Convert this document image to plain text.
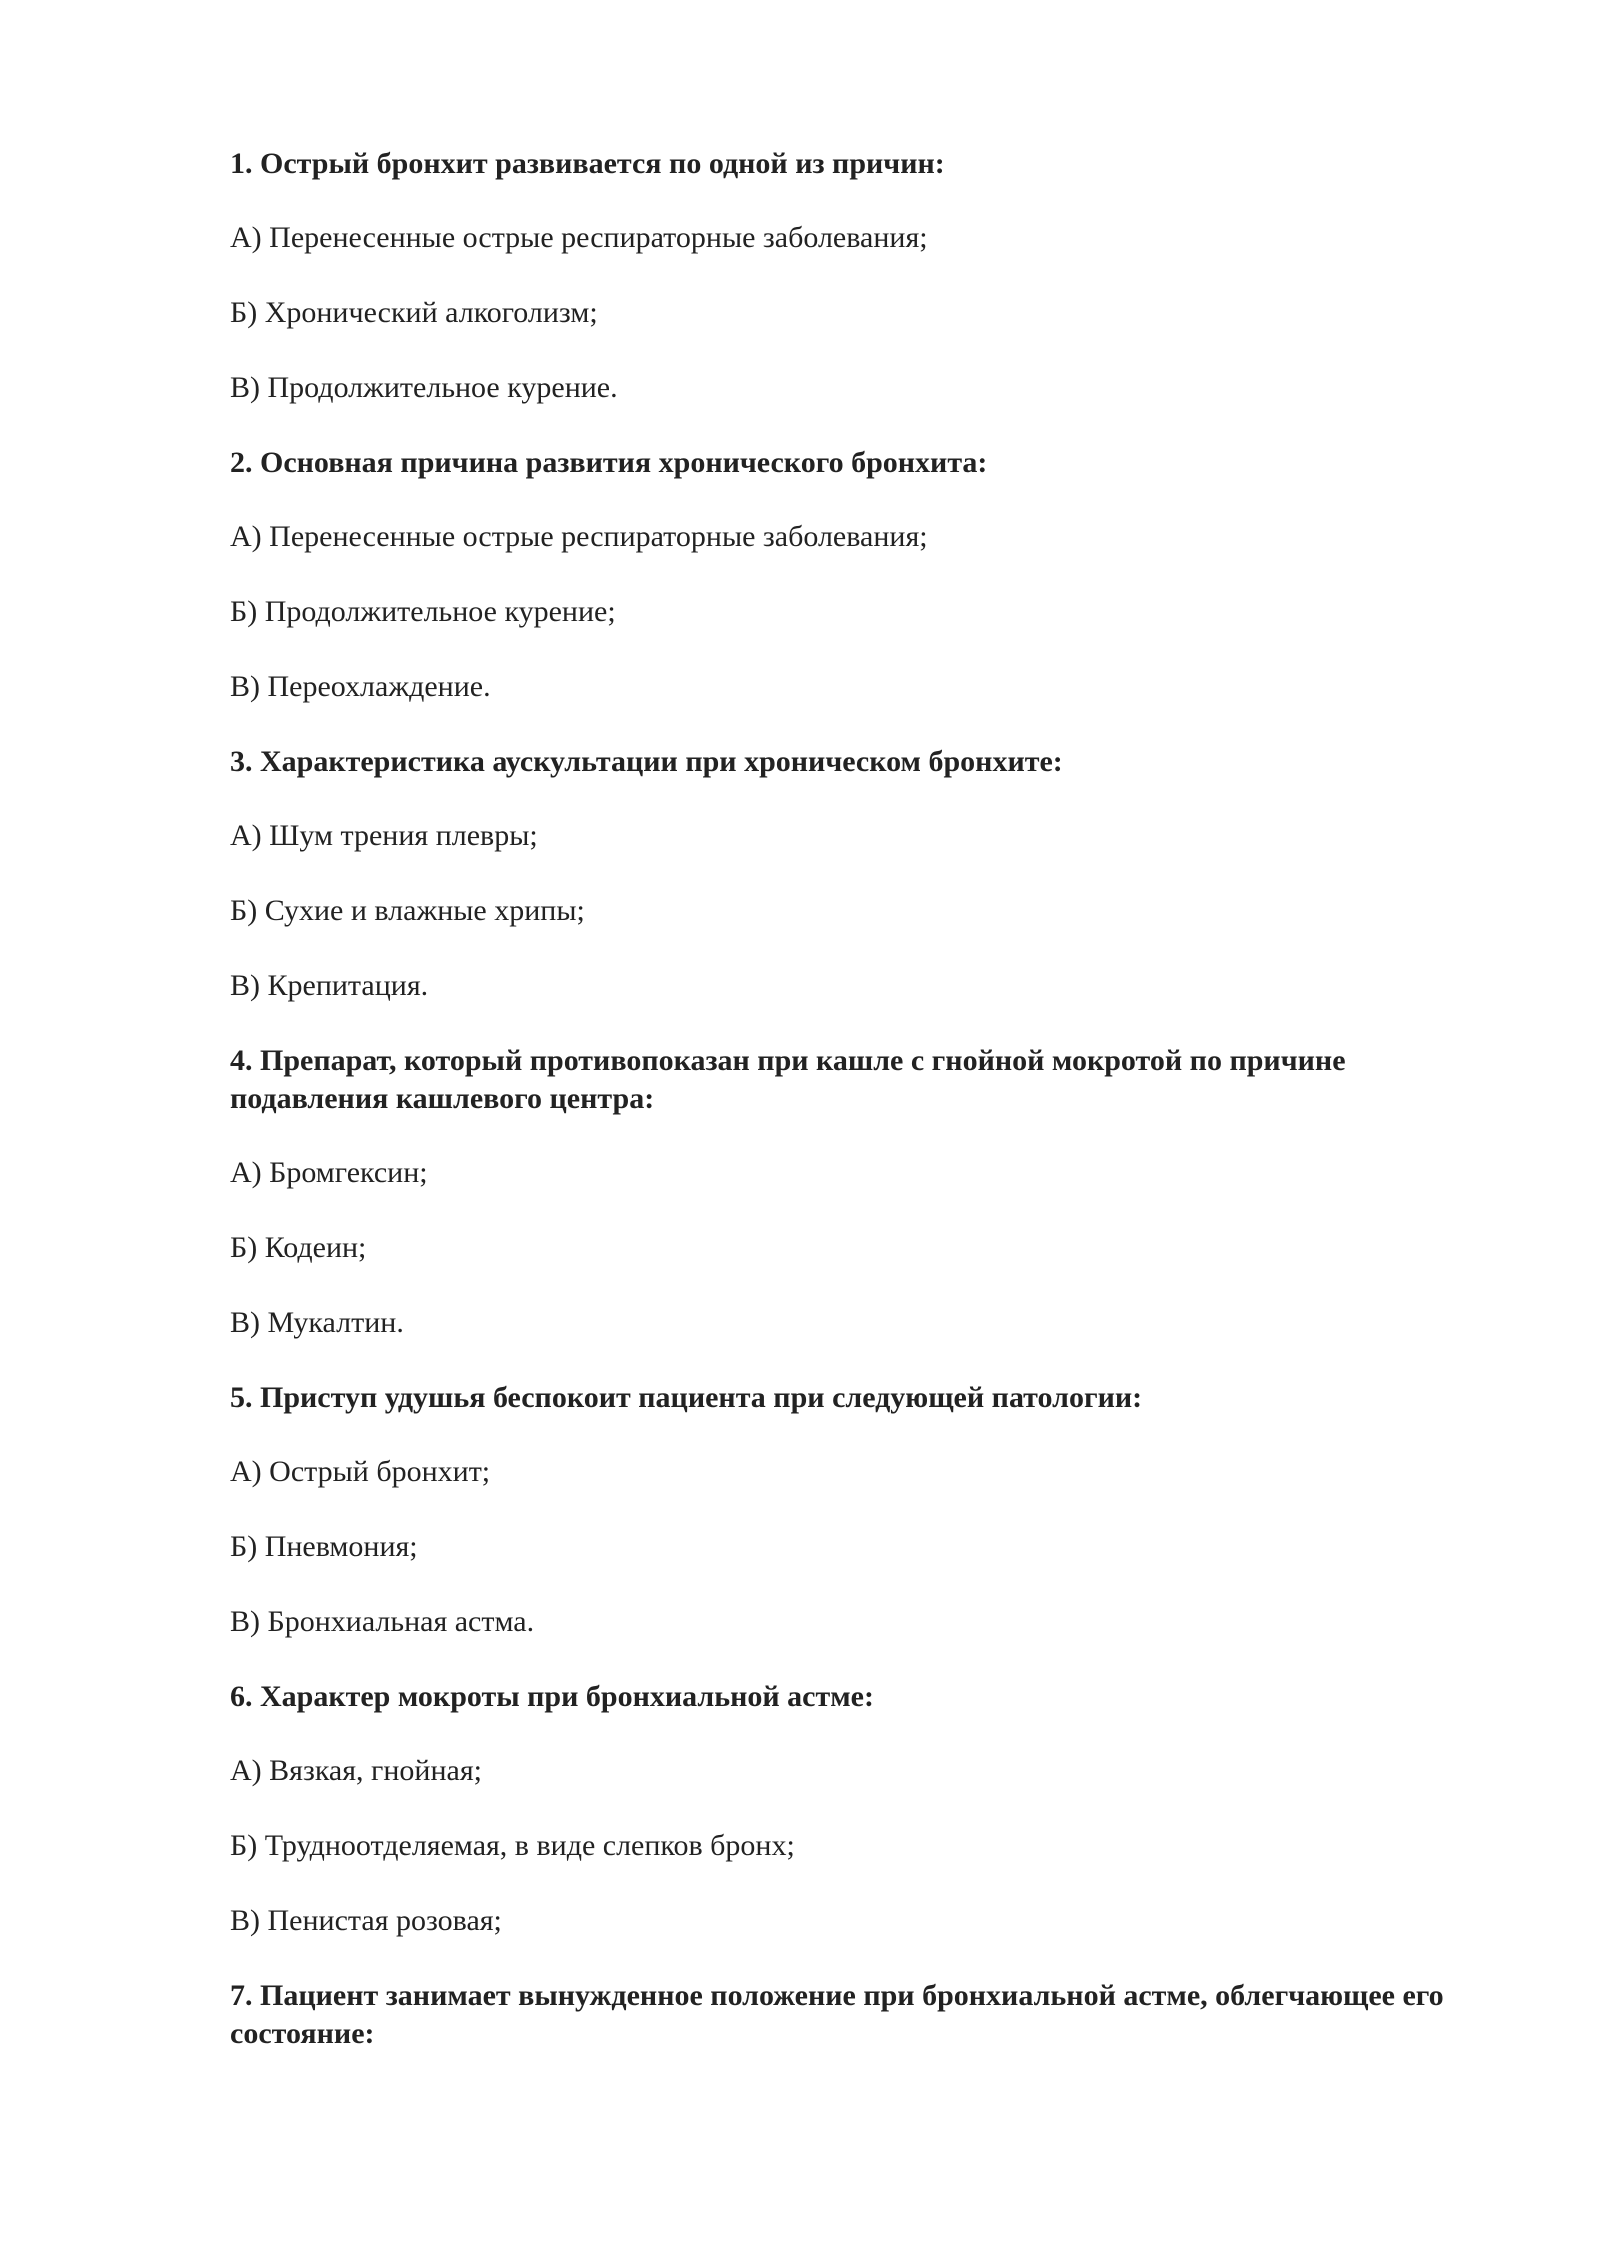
1. Острый бронхит развивается по одной из причин:

А) Перенесенные острые респираторные заболевания;

Б) Хронический алкоголизм;

В) Продолжительное курение.

2. Основная причина развития хронического бронхита:

А) Перенесенные острые респираторные заболевания;

Б) Продолжительное курение;

В) Переохлаждение.

3. Характеристика аускультации при хроническом бронхите:

А) Шум трения плевры;

Б) Сухие и влажные хрипы;

В) Крепитация.

4. Препарат, который противопоказан при кашле с гнойной мокротой по причине подавления кашлевого центра:

А) Бромгексин;

Б) Кодеин;

В) Мукалтин.

5. Приступ удушья беспокоит пациента при следующей патологии:

А) Острый бронхит;

Б) Пневмония;

В) Бронхиальная астма.

6. Характер мокроты при бронхиальной астме:

А) Вязкая, гнойная;

Б) Трудноотделяемая, в виде слепков бронх;

В) Пенистая розовая;

7. Пациент занимает вынужденное положение при бронхиальной астме, облегчающее его состояние:
